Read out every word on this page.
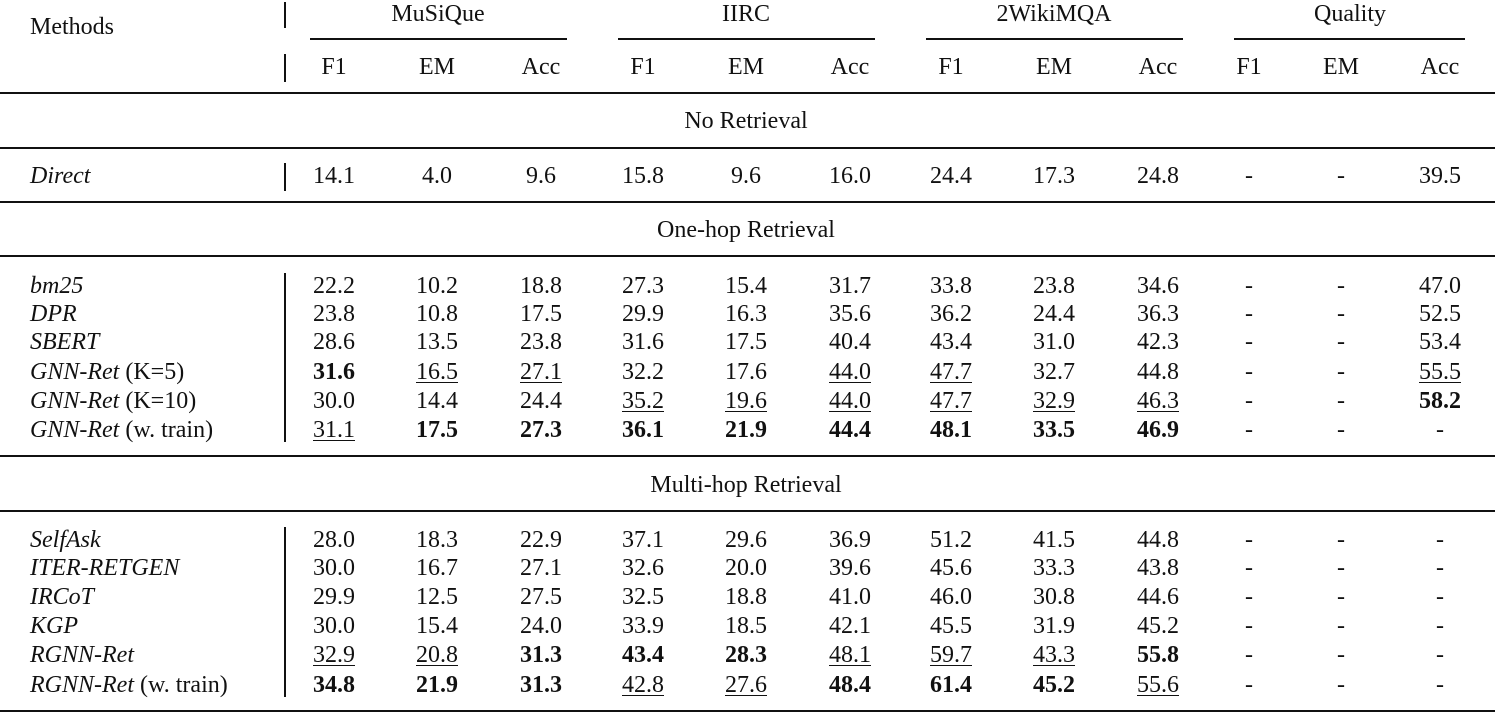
Methods	MuSiQue	IIRC	2WikiMQA	Quality
F1	EM	Acc	F1	EM	Acc	F1	EM	Acc F1	EM	Acc
No Retrieval
Direct	14.1	4.0	9.6	15.8	9.6	16.0 24.4	17.3	24.8	-	-	39.5
One-hop Retrieval
bm25	22.2	10.2	18.8	27.3	15.4	31.7 33.8	23.8	34.6	-	-	47.0
DPR	23.8	10.8	17.5	29.9	16.3	35.6 36.2	24.4	36.3	-	-	52.5
SBERT	28.6	13.5	23.8	31.6	17.5	40.4 43.4	31.0	42.3	-	-	53.4
GNN-Ret (K=5)	31.6	16.5	27.1	32.2	17.6	44.0 47.7	32.7	44.8	-	-	55.5
GNN-Ret (K=10)	30.0	14.4	24.4	35.2	19.6	44.0 47.7	32.9	46.3	-	-	58.2
GNN-Ret (w. train)	31.1	17.5	27.3	36.1	21.9	44.4 48.1	33.5	46.9	-	-	-
Multi-hop Retrieval
SelfAsk	28.0	18.3	22.9	37.1	29.6	36.9 51.2	41.5	44.8	-	-	-
ITER-RETGEN	30.0	16.7	27.1	32.6	20.0	39.6 45.6	33.3	43.8	-	-	-
IRCoT	29.9	12.5	27.5	32.5	18.8	41.0 46.0	30.8	44.6	-	-	-
KGP	30.0	15.4	24.0	33.9	18.5	42.1 45.5	31.9	45.2	-	-	-
RGNN-Ret	32.9	20.8	31.3	43.4	28.3	48.1 59.7	43.3	55.8	-	-	-
RGNN-Ret (w. train)	34.8	21.9	31.3	42.8	27.6	48.4 61.4	45.2	55.6	-	-	-
